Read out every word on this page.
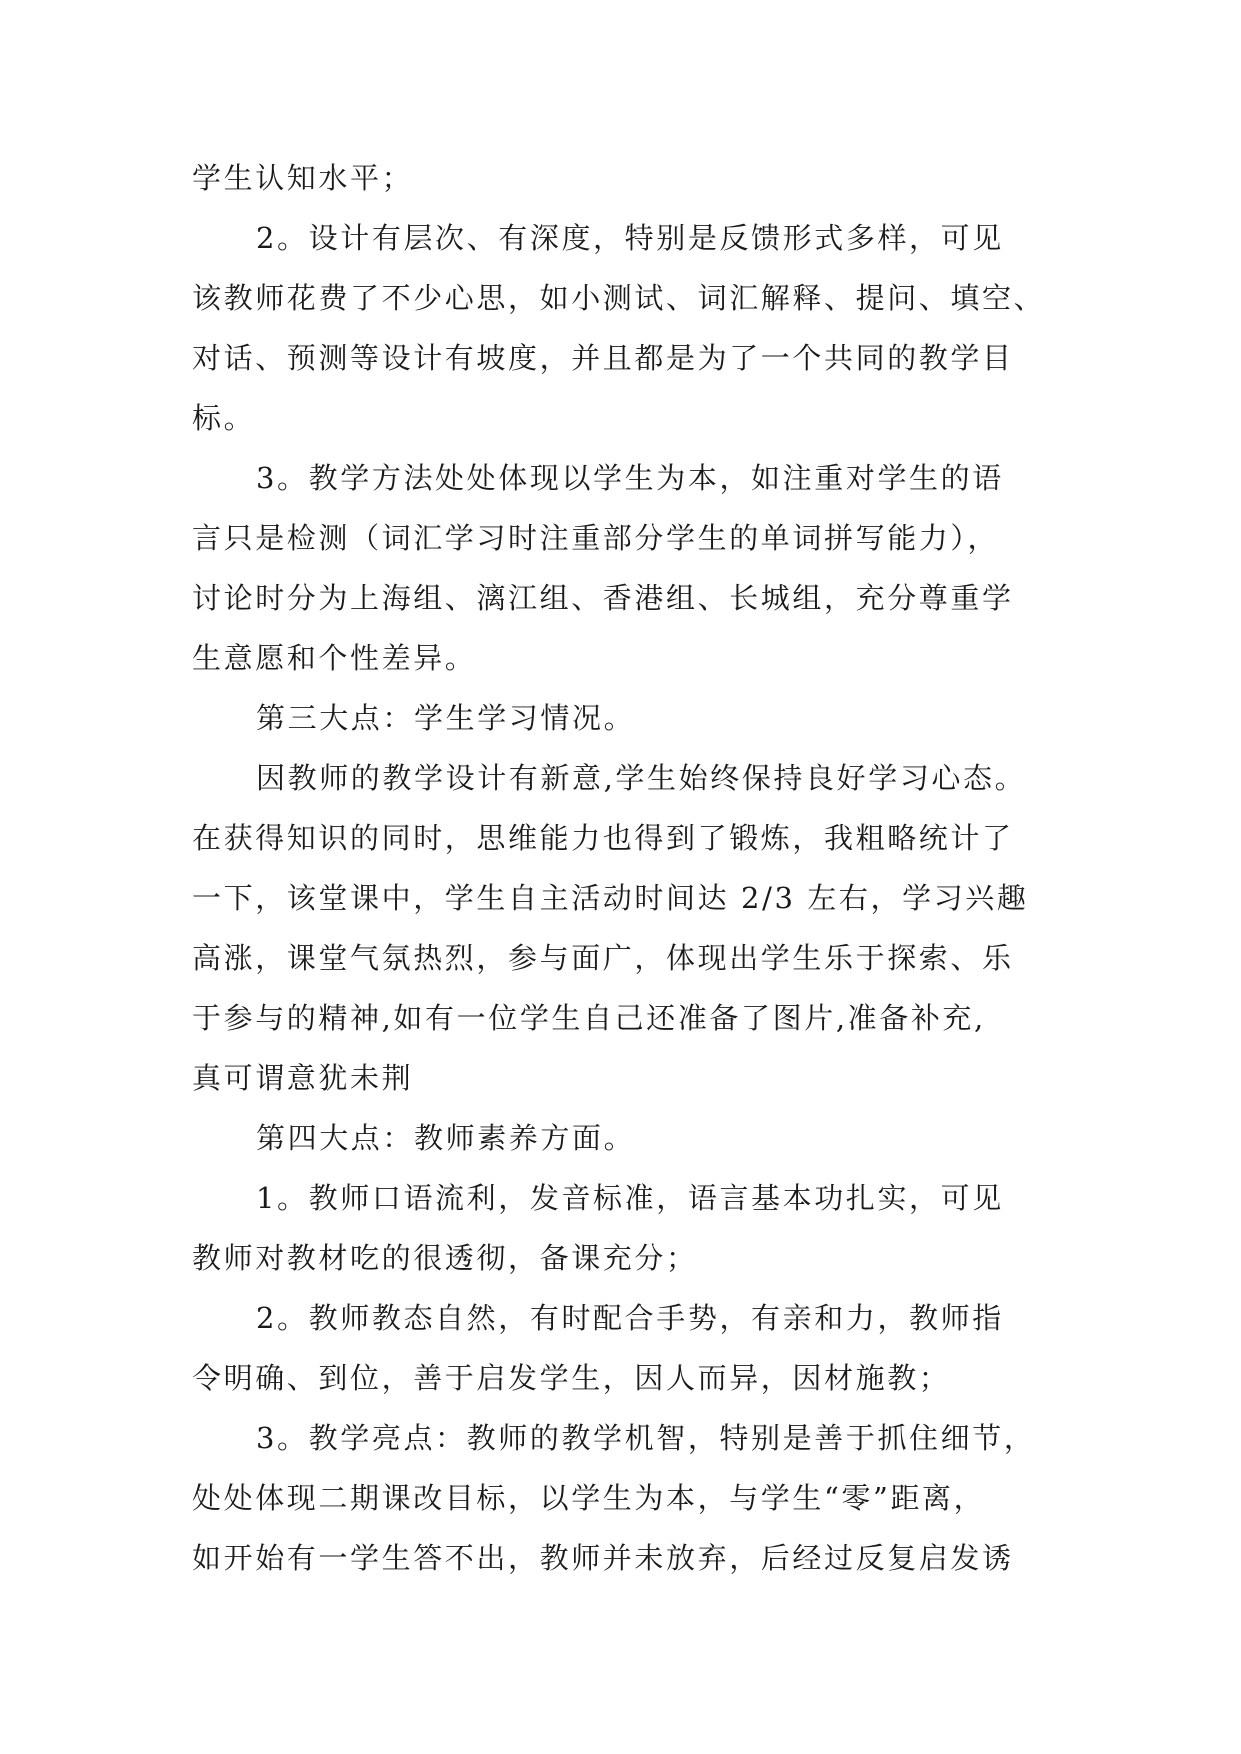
学生认知水平；
2。设计有层次、有深度，特别是反馈形式多样，可见
该教师花费了不少心思，如小测试、词汇解释、提问、填空、
对话、预测等设计有坡度，并且都是为了一个共同的教学目
标。
3。教学方法处处体现以学生为本，如注重对学生的语
言只是检测（词汇学习时注重部分学生的单词拼写能力），
讨论时分为上海组、漓江组、香港组、长城组，充分尊重学
生意愿和个性差异。
第三大点：学生学习情况。
因教师的教学设计有新意,学生始终保持良好学习心态。
在获得知识的同时，思维能力也得到了锻炼，我粗略统计了
一下，该堂课中，学生自主活动时间达 2/3 左右，学习兴趣
高涨，课堂气氛热烈，参与面广，体现出学生乐于探索、乐
于参与的精神,如有一位学生自己还准备了图片,准备补充,
真可谓意犹未荆
第四大点：教师素养方面。
1。教师口语流利，发音标准，语言基本功扎实，可见
教师对教材吃的很透彻，备课充分；
2。教师教态自然，有时配合手势，有亲和力，教师指
令明确、到位，善于启发学生，因人而异，因材施教；
3。教学亮点：教师的教学机智，特别是善于抓住细节，
处处体现二期课改目标，以学生为本，与学生“零”距离，
如开始有一学生答不出，教师并未放弃，后经过反复启发诱
